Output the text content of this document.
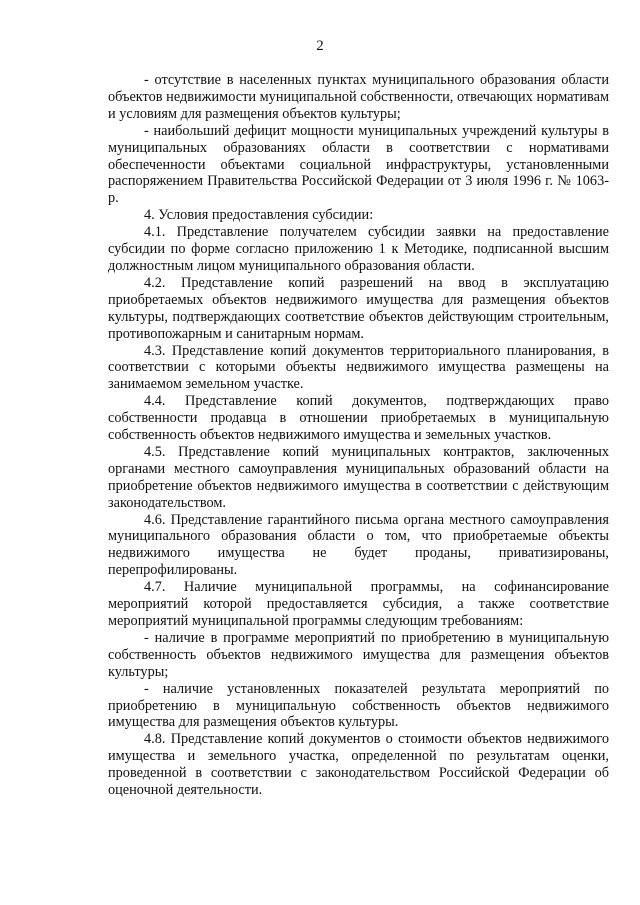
2

- отсутствие в населенных пунктах муниципального образования области объектов недвижимости муниципальной собственности, отвечающих нормативам и условиям для размещения объектов культуры;

- наибольший дефицит мощности муниципальных учреждений культуры в муниципальных образованиях области в соответствии с нормативами обеспеченности объектами социальной инфраструктуры, установленными распоряжением Правительства Российской Федерации от 3 июля 1996 г. № 1063-р.

4. Условия предоставления субсидии:

4.1. Представление получателем субсидии заявки на предоставление субсидии по форме согласно приложению 1 к Методике, подписанной высшим должностным лицом муниципального образования области.

4.2. Представление копий разрешений на ввод в эксплуатацию приобретаемых объектов недвижимого имущества для размещения объектов культуры, подтверждающих соответствие объектов действующим строительным, противопожарным и санитарным нормам.

4.3. Представление копий документов территориального планирования, в соответствии с которыми объекты недвижимого имущества размещены на занимаемом земельном участке.

4.4. Представление копий документов, подтверждающих право собственности продавца в отношении приобретаемых в муниципальную собственность объектов недвижимого имущества и земельных участков.

4.5. Представление копий муниципальных контрактов, заключенных органами местного самоуправления муниципальных образований области на приобретение объектов недвижимого имущества в соответствии с действующим законодательством.

4.6. Представление гарантийного письма органа местного самоуправления муниципального образования области о том, что приобретаемые объекты недвижимого имущества не будет проданы, приватизированы, перепрофилированы.

4.7. Наличие муниципальной программы, на софинансирование мероприятий которой предоставляется субсидия, а также соответствие мероприятий муниципальной программы следующим требованиям:

- наличие в программе мероприятий по приобретению в муниципальную собственность объектов недвижимого имущества для размещения объектов культуры;

- наличие установленных показателей результата мероприятий по приобретению в муниципальную собственность объектов недвижимого имущества для размещения объектов культуры.

4.8. Представление копий документов о стоимости объектов недвижимого имущества и земельного участка, определенной по результатам оценки, проведенной в соответствии с законодательством Российской Федерации об оценочной деятельности.
